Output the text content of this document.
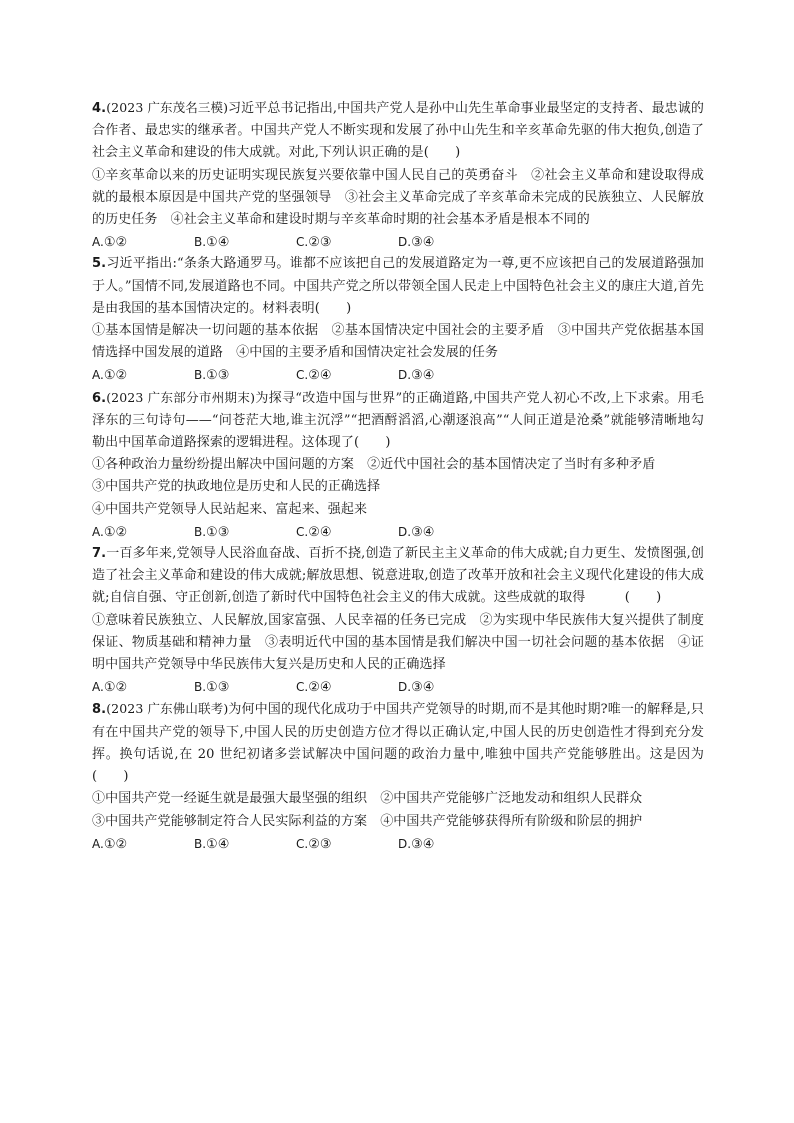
4.(2023 广东茂名三模)习近平总书记指出,中国共产党人是孙中山先生革命事业最坚定的支持者、最忠诚的合作者、最忠实的继承者。中国共产党人不断实现和发展了孙中山先生和辛亥革命先驱的伟大抱负,创造了社会主义革命和建设的伟大成就。对此,下列认识正确的是(　　)

①辛亥革命以来的历史证明实现民族复兴要依靠中国人民自己的英勇奋斗　②社会主义革命和建设取得成就的最根本原因是中国共产党的坚强领导　③社会主义革命完成了辛亥革命未完成的民族独立、人民解放的历史任务　④社会主义革命和建设时期与辛亥革命时期的社会基本矛盾是根本不同的

A.①②	B.①④	C.②③	D.③④

5.习近平指出:“条条大路通罗马。谁都不应该把自己的发展道路定为一尊,更不应该把自己的发展道路强加于人。”国情不同,发展道路也不同。中国共产党之所以带领全国人民走上中国特色社会主义的康庄大道,首先是由我国的基本国情决定的。材料表明(　　)

①基本国情是解决一切问题的基本依据　②基本国情决定中国社会的主要矛盾　③中国共产党依据基本国情选择中国发展的道路　④中国的主要矛盾和国情决定社会发展的任务

A.①②	B.①③	C.②④	D.③④

6.(2023 广东部分市州期末)为探寻“改造中国与世界”的正确道路,中国共产党人初心不改,上下求索。用毛泽东的三句诗句——“问苍茫大地,谁主沉浮”“把酒酹滔滔,心潮逐浪高”“人间正道是沧桑”就能够清晰地勾勒出中国革命道路探索的逻辑进程。这体现了(　　)

①各种政治力量纷纷提出解决中国问题的方案　②近代中国社会的基本国情决定了当时有多种矛盾

③中国共产党的执政地位是历史和人民的正确选择

④中国共产党领导人民站起来、富起来、强起来

A.①②	B.①③	C.②④	D.③④

7.一百多年来,党领导人民浴血奋战、百折不挠,创造了新民主主义革命的伟大成就;自力更生、发愤图强,创造了社会主义革命和建设的伟大成就;解放思想、锐意进取,创造了改革开放和社会主义现代化建设的伟大成就;自信自强、守正创新,创造了新时代中国特色社会主义的伟大成就。这些成就的取得　　　(　　)

①意味着民族独立、人民解放,国家富强、人民幸福的任务已完成　②为实现中华民族伟大复兴提供了制度保证、物质基础和精神力量　③表明近代中国的基本国情是我们解决中国一切社会问题的基本依据　④证明中国共产党领导中华民族伟大复兴是历史和人民的正确选择

A.①②	B.①③	C.②④	D.③④

8.(2023 广东佛山联考)为何中国的现代化成功于中国共产党领导的时期,而不是其他时期?唯一的解释是,只有在中国共产党的领导下,中国人民的历史创造方位才得以正确认定,中国人民的历史创造性才得到充分发挥。换句话说,在 20 世纪初诸多尝试解决中国问题的政治力量中,唯独中国共产党能够胜出。这是因为(　　)

①中国共产党一经诞生就是最强大最坚强的组织　②中国共产党能够广泛地发动和组织人民群众

③中国共产党能够制定符合人民实际利益的方案　④中国共产党能够获得所有阶级和阶层的拥护

A.①②	B.①④	C.②③	D.③④
